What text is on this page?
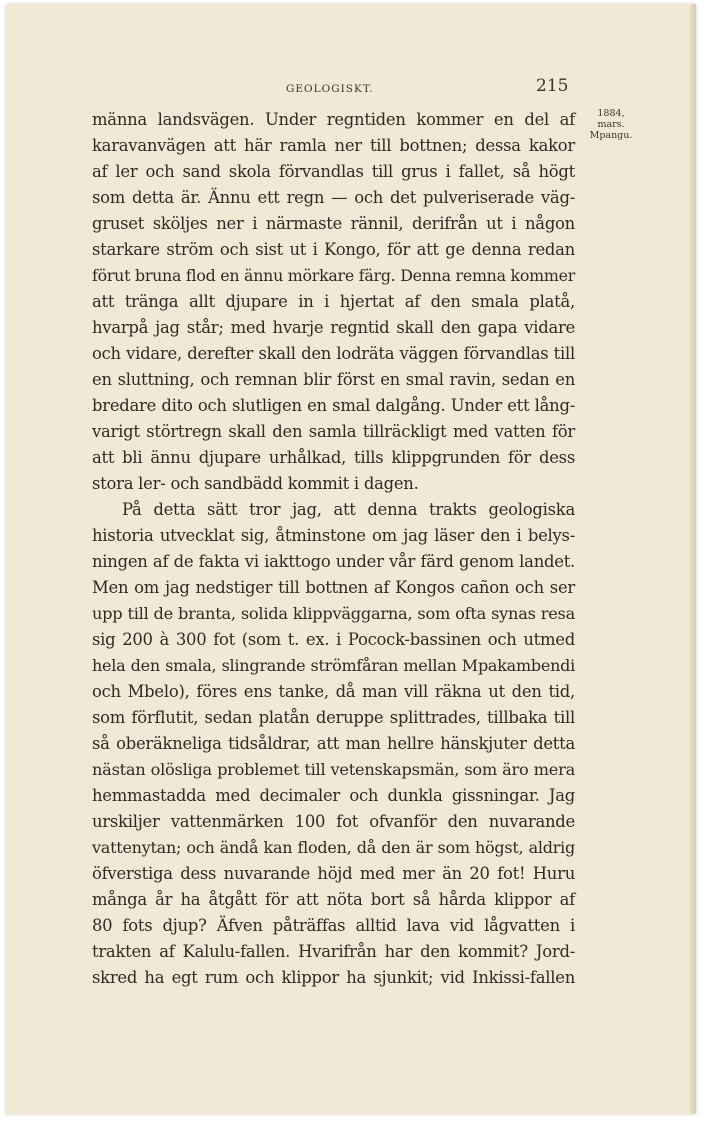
GEOLOGISKT.	215
1884,
mars.
Mpangu.
männa landsvägen. Under regntiden kommer en del af
karavanvägen att här ramla ner till bottnen; dessa kakor
af ler och sand skola förvandlas till grus i fallet, så högt
som detta är. Ännu ett regn — och det pulveriserade väg-
gruset sköljes ner i närmaste rännil, derifrån ut i någon
starkare ström och sist ut i Kongo, för att ge denna redan
förut bruna flod en ännu mörkare färg. Denna remna kommer
att tränga allt djupare in i hjertat af den smala platå,
hvarpå jag står; med hvarje regntid skall den gapa vidare
och vidare, derefter skall den lodräta väggen förvandlas till
en sluttning, och remnan blir först en smal ravin, sedan en
bredare dito och slutligen en smal dalgång. Under ett lång-
varigt störtregn skall den samla tillräckligt med vatten för
att bli ännu djupare urhålkad, tills klippgrunden för dess
stora ler- och sandbädd kommit i dagen.
På detta sätt tror jag, att denna trakts geologiska
historia utvecklat sig, åtminstone om jag läser den i belys-
ningen af de fakta vi iakttogo under vår färd genom landet.
Men om jag nedstiger till bottnen af Kongos cañon och ser
upp till de branta, solida klippväggarna, som ofta synas resa
sig 200 à 300 fot (som t. ex. i Pocock-bassinen och utmed
hela den smala, slingrande strömfåran mellan Mpakambendi
och Mbelo), föres ens tanke, då man vill räkna ut den tid,
som förflutit, sedan platån deruppe splittrades, tillbaka till
så oberäkneliga tidsåldrar, att man hellre hänskjuter detta
nästan olösliga problemet till vetenskapsmän, som äro mera
hemmastadda med decimaler och dunkla gissningar. Jag
urskiljer vattenmärken 100 fot ofvanför den nuvarande
vattenytan; och ändå kan floden, då den är som högst, aldrig
öfverstiga dess nuvarande höjd med mer än 20 fot! Huru
många år ha åtgått för att nöta bort så hårda klippor af
80 fots djup? Äfven påträffas alltid lava vid lågvatten i
trakten af Kalulu-fallen. Hvarifrån har den kommit? Jord-
skred ha egt rum och klippor ha sjunkit; vid Inkissi-fallen
